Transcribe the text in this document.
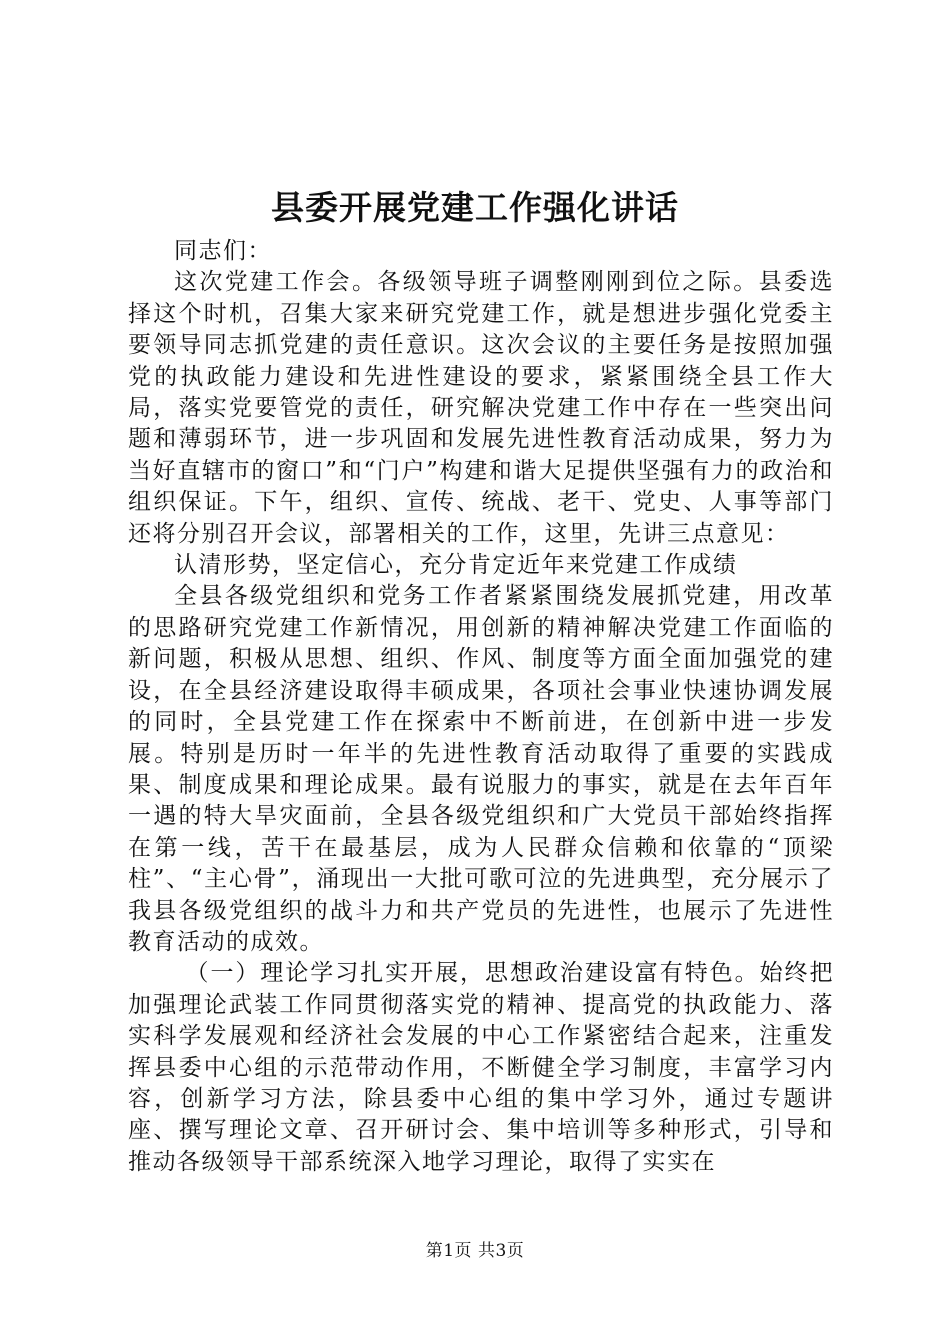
县委开展党建工作强化讲话

同志们：

这次党建工作会。各级领导班子调整刚刚到位之际。县委选择这个时机，召集大家来研究党建工作，就是想进步强化党委主要领导同志抓党建的责任意识。这次会议的主要任务是按照加强党的执政能力建设和先进性建设的要求，紧紧围绕全县工作大局，落实党要管党的责任，研究解决党建工作中存在一些突出问题和薄弱环节，进一步巩固和发展先进性教育活动成果，努力为当好直辖市的窗口”和“门户”构建和谐大足提供坚强有力的政治和组织保证。下午，组织、宣传、统战、老干、党史、人事等部门还将分别召开会议，部署相关的工作，这里，先讲三点意见：

认清形势，坚定信心，充分肯定近年来党建工作成绩

全县各级党组织和党务工作者紧紧围绕发展抓党建，用改革的思路研究党建工作新情况，用创新的精神解决党建工作面临的新问题，积极从思想、组织、作风、制度等方面全面加强党的建设，在全县经济建设取得丰硕成果，各项社会事业快速协调发展的同时，全县党建工作在探索中不断前进，在创新中进一步发展。特别是历时一年半的先进性教育活动取得了重要的实践成果、制度成果和理论成果。最有说服力的事实，就是在去年百年一遇的特大旱灾面前，全县各级党组织和广大党员干部始终指挥在第一线，苦干在最基层，成为人民群众信赖和依靠的“顶梁柱”、“主心骨”，涌现出一大批可歌可泣的先进典型，充分展示了我县各级党组织的战斗力和共产党员的先进性，也展示了先进性教育活动的成效。

（一）理论学习扎实开展，思想政治建设富有特色。始终把加强理论武装工作同贯彻落实党的精神、提高党的执政能力、落实科学发展观和经济社会发展的中心工作紧密结合起来，注重发挥县委中心组的示范带动作用，不断健全学习制度，丰富学习内容，创新学习方法，除县委中心组的集中学习外，通过专题讲座、撰写理论文章、召开研讨会、集中培训等多种形式，引导和推动各级领导干部系统深入地学习理论，取得了实实在

第1页 共3页
